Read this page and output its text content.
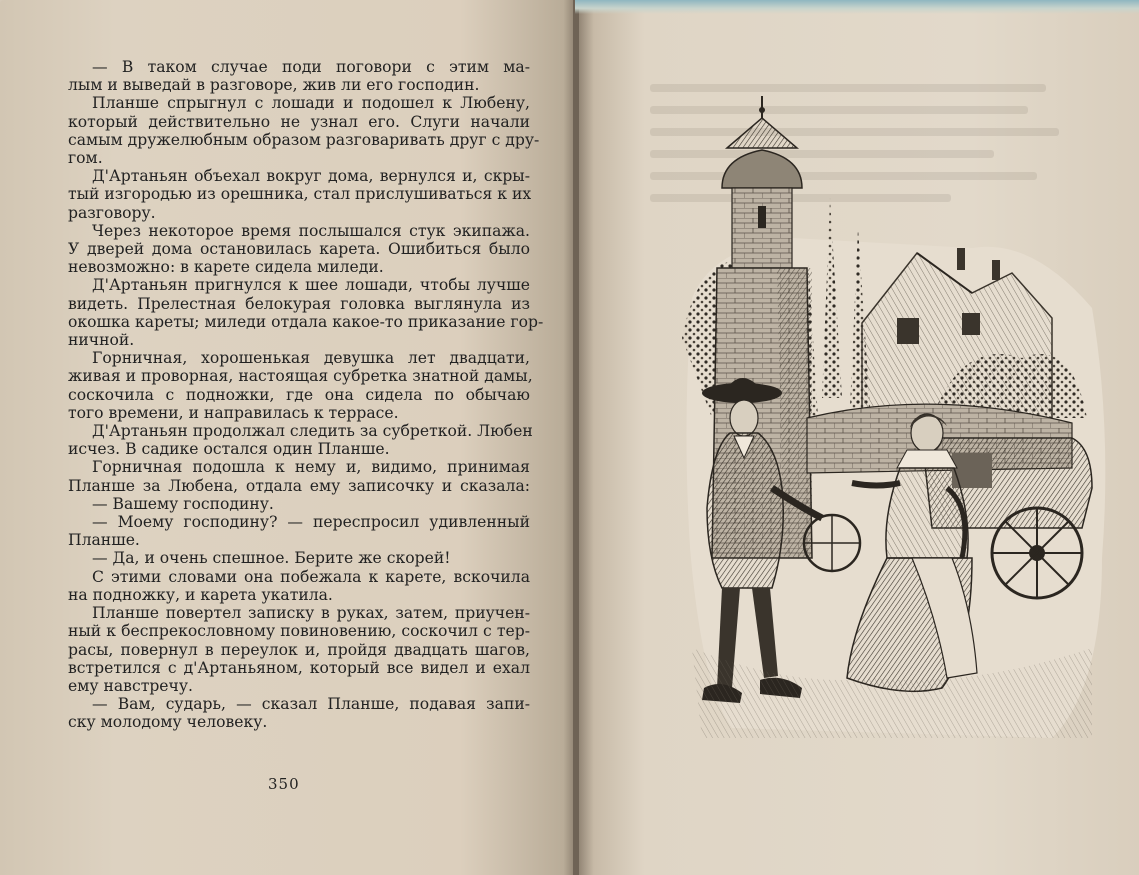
— В таком случае поди поговори с этим ма-
лым и выведай в разговоре, жив ли его господин.
Планше спрыгнул с лошади и подошел к Любену,
который действительно не узнал его. Слуги начали
самым дружелюбным образом разговаривать друг с дру-
гом.
Д'Артаньян объехал вокруг дома, вернулся и, скры-
тый изгородью из орешника, стал прислушиваться к их
разговору.
Через некоторое время послышался стук экипажа.
У дверей дома остановилась карета. Ошибиться было
невозможно: в карете сидела миледи.
Д'Артаньян пригнулся к шее лошади, чтобы лучше
видеть. Прелестная белокурая головка выглянула из
окошка кареты; миледи отдала какое-то приказание гор-
ничной.
Горничная, хорошенькая девушка лет двадцати,
живая и проворная, настоящая субретка знатной дамы,
соскочила с подножки, где она сидела по обычаю
того времени, и направилась к террасе.
Д'Артаньян продолжал следить за субреткой. Любен
исчез. В садике остался один Планше.
Горничная подошла к нему и, видимо, принимая
Планше за Любена, отдала ему записочку и сказала:
— Вашему господину.
— Моему господину? — переспросил удивленный
Планше.
— Да, и очень спешное. Берите же скорей!
С этими словами она побежала к карете, вскочила
на подножку, и карета укатила.
Планше повертел записку в руках, затем, приучен-
ный к беспрекословному повиновению, соскочил с тер-
расы, повернул в переулок и, пройдя двадцать шагов,
встретился с д'Артаньяном, который все видел и ехал
ему навстречу.
— Вам, сударь, — сказал Планше, подавая запи-
ску молодому человеку.
350
